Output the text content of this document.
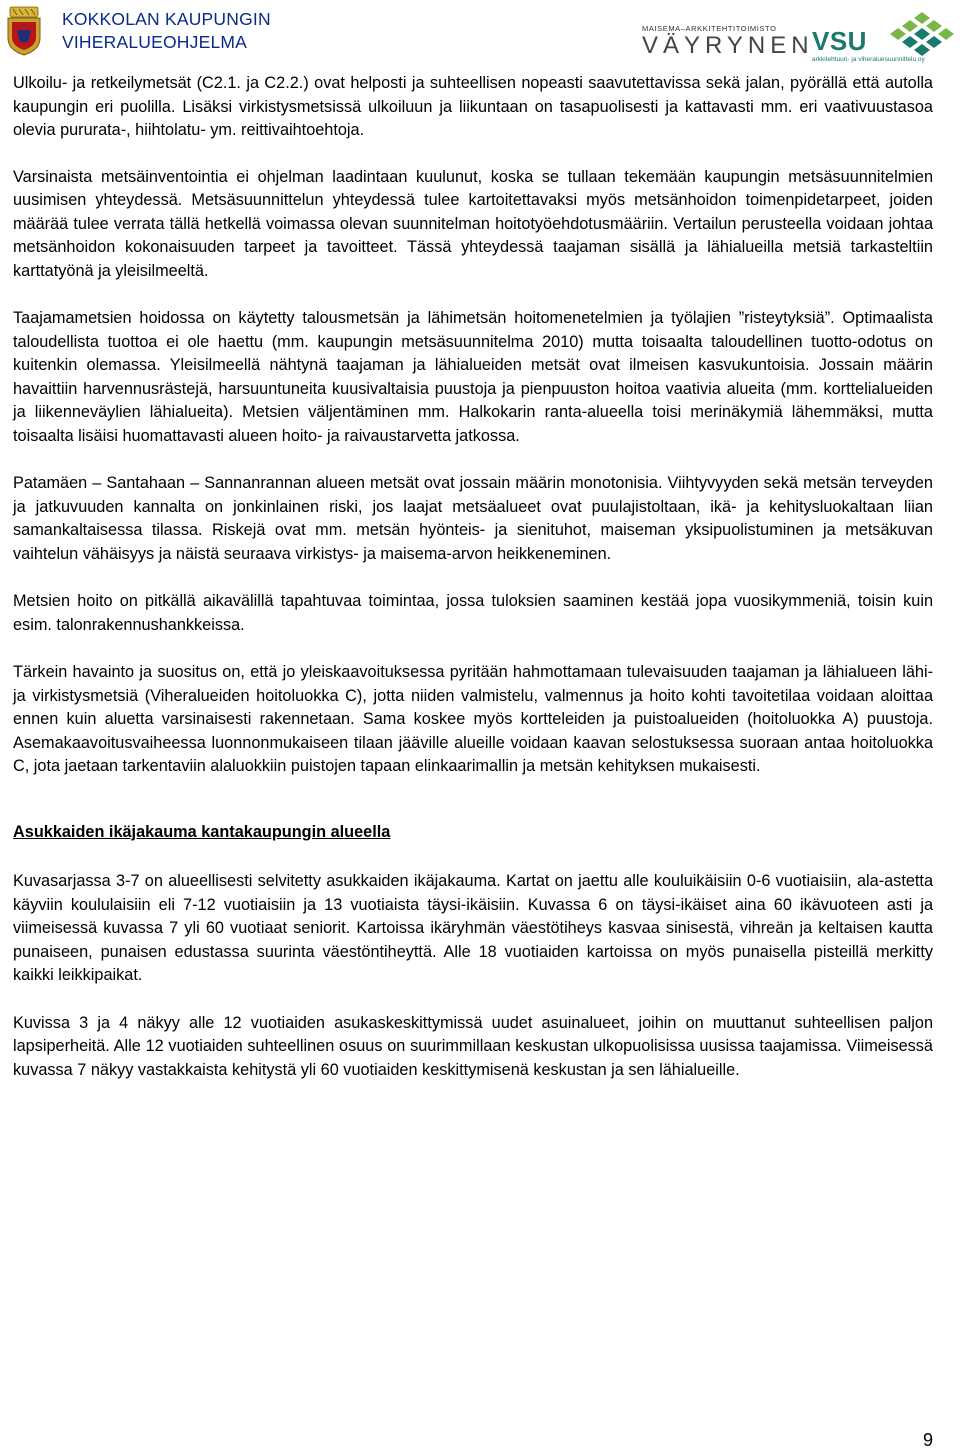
KOKKOLAN KAUPUNGIN
VIHERALUEOHJELMA
MAISEMA–ARKKITEHTITOIMISTO
VÄYRYNEN
VSU
arkkitehtuuri- ja viheraluesuunnittelu oy

Ulkoilu- ja retkeilymetsät (C2.1. ja C2.2.) ovat helposti ja suhteellisen nopeasti saavutettavissa sekä jalan, pyörällä että autolla kaupungin eri puolilla. Lisäksi virkistysmetsissä ulkoiluun ja liikuntaan on tasapuolisesti ja kattavasti mm. eri vaativuustasoa olevia pururata-, hiihtolatu- ym. reittivaihtoehtoja.

Varsinaista metsäinventointia ei ohjelman laadintaan kuulunut, koska se tullaan tekemään kaupungin metsäsuunnitelmien uusimisen yhteydessä. Metsäsuunnittelun yhteydessä tulee kartoitettavaksi myös metsänhoidon toimenpidetarpeet, joiden määrää tulee verrata tällä hetkellä voimassa olevan suunnitelman hoitotyöehdotusmääriin. Vertailun perusteella voidaan johtaa metsänhoidon kokonaisuuden tarpeet ja tavoitteet. Tässä yhteydessä taajaman sisällä ja lähialueilla metsiä tarkasteltiin karttatyönä ja yleisilmeeltä.

Taajamametsien hoidossa on käytetty talousmetsän ja lähimetsän hoitomenetelmien ja työlajien ”risteytyksiä”. Optimaalista taloudellista tuottoa ei ole haettu (mm. kaupungin metsäsuunnitelma 2010) mutta toisaalta taloudellinen tuotto-odotus on kuitenkin olemassa. Yleisilmeellä nähtynä taajaman ja lähialueiden metsät ovat ilmeisen kasvukuntoisia. Jossain määrin havaittiin harvennusrästejä, harsuuntuneita kuusivaltaisia puustoja ja pienpuuston hoitoa vaativia alueita (mm. korttelialueiden ja liikenneväylien lähialueita). Metsien väljentäminen mm. Halkokarin ranta-alueella toisi merinäkymiä lähemmäksi, mutta toisaalta lisäisi huomattavasti alueen hoito- ja raivaustarvetta jatkossa.

Patamäen – Santahaan – Sannanrannan alueen metsät ovat jossain määrin monotonisia. Viihtyvyyden sekä metsän terveyden ja jatkuvuuden kannalta on jonkinlainen riski, jos laajat metsäalueet ovat puulajistoltaan, ikä- ja kehitysluokaltaan liian samankaltaisessa tilassa. Riskejä ovat mm. metsän hyönteis- ja sienituhot, maiseman yksipuolistuminen ja metsäkuvan vaihtelun vähäisyys ja näistä seuraava virkistys- ja maisema-arvon heikkeneminen.

Metsien hoito on pitkällä aikavälillä tapahtuvaa toimintaa, jossa tuloksien saaminen kestää jopa vuosikymmeniä, toisin kuin esim. talonrakennushankkeissa.

Tärkein havainto ja suositus on, että jo yleiskaavoituksessa pyritään hahmottamaan tulevaisuuden taajaman ja lähialueen lähi- ja virkistysmetsiä (Viheralueiden hoitoluokka C), jotta niiden valmistelu, valmennus ja hoito kohti tavoitetilaa voidaan aloittaa ennen kuin aluetta varsinaisesti rakennetaan. Sama koskee myös kortteleiden ja puistoalueiden (hoitoluokka A) puustoja. Asemakaavoitusvaiheessa luonnonmukaiseen tilaan jääville alueille voidaan kaavan selostuksessa suoraan antaa hoitoluokka C, jota jaetaan tarkentaviin alaluokkiin puistojen tapaan elinkaarimallin ja metsän kehityksen mukaisesti.

Asukkaiden ikäjakauma kantakaupungin alueella

Kuvasarjassa 3-7 on alueellisesti selvitetty asukkaiden ikäjakauma. Kartat on jaettu alle kouluikäisiin 0-6 vuotiaisiin, ala-astetta käyviin koululaisiin eli 7-12 vuotiaisiin ja 13 vuotiaista täysi-ikäisiin. Kuvassa 6 on täysi-ikäiset aina 60 ikävuoteen asti ja viimeisessä kuvassa 7 yli 60 vuotiaat seniorit. Kartoissa ikäryhmän väestötiheys kasvaa sinisestä, vihreän ja keltaisen kautta punaiseen, punaisen edustassa suurinta väestöntiheyttä. Alle 18 vuotiaiden kartoissa on myös punaisella pisteillä merkitty kaikki leikkipaikat.

Kuvissa 3 ja 4 näkyy alle 12 vuotiaiden asukaskeskittymissä uudet asuinalueet, joihin on muuttanut suhteellisen paljon lapsiperheitä. Alle 12 vuotiaiden suhteellinen osuus on suurimmillaan keskustan ulkopuolisissa uusissa taajamissa. Viimeisessä kuvassa 7 näkyy vastakkaista kehitystä yli 60 vuotiaiden keskittymisenä keskustan ja sen lähialueille.

9
